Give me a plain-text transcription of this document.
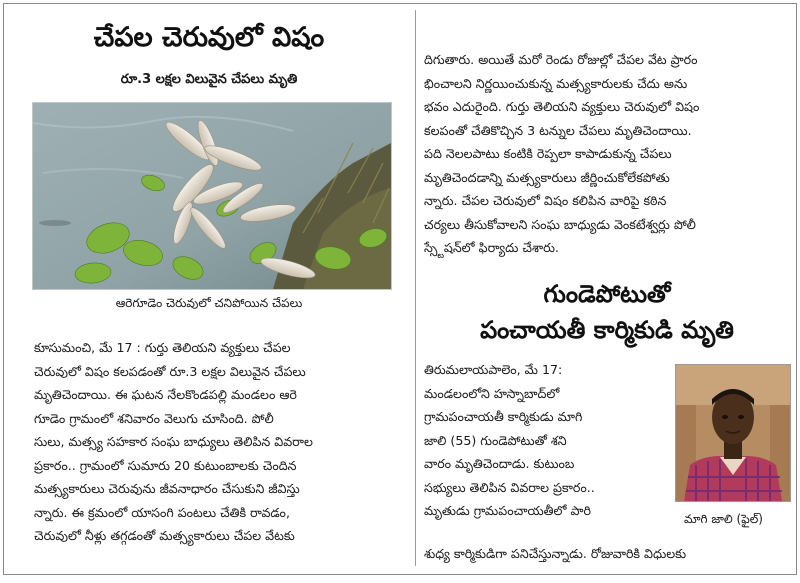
చేపల చెరువులో విషం
రూ.3 లక్షల విలువైన చేపలు మృతి
ఆరెగూడెం చెరువులో చనిపోయిన చేపలు
కూసుమంచి, మే 17 : గుర్తు తెలియని వ్యక్తులు చేపల
చెరువులో విషం కలపడంతో రూ.3 లక్షల విలువైన చేపలు
మృతిచెందాయి. ఈ ఘటన నేలకొండపల్లి మండలం ఆరె
గూడెం గ్రామంలో శనివారం వెలుగు చూసింది. పోలీ
సులు, మత్స్య సహకార సంఘ బాధ్యులు తెలిపిన వివరాల
ప్రకారం.. గ్రామంలో సుమారు 20 కుటుంబాలకు చెందిన
మత్స్యకారులు చెరువును జీవనాధారం చేసుకుని జీవిస్తు
న్నారు. ఈ క్రమంలో యాసంగి పంటలు చేతికి రావడం,
చెరువులో నీళ్లు తగ్గడంతో మత్స్యకారులు చేపల వేటకు
దిగుతారు. అయితే మరో రెండు రోజుల్లో చేపల వేట ప్రారం
భించాలని నిర్ణయించుకున్న మత్స్యకారులకు చేదు అను
భవం ఎదురైంది. గుర్తు తెలియని వ్యక్తులు చెరువులో విషం
కలపంతో చేతికొచ్చిన 3 టన్నుల చేపలు మృతిచెందాయి.
పది నెలలపాటు కంటికి రెప్పలా కాపాడుకున్న చేపలు
మృతిచెందడాన్ని మత్స్యకారులు జీర్ణించుకోలేకపోతు
న్నారు. చేపల చెరువులో విషం కలిపిన వారిపై కఠిన
చర్యలు తీసుకోవాలని సంఘ బాధ్యుడు వెంకటేశ్వర్లు పోలీ
స్స్టేషన్‌లో ఫిర్యాదు చేశారు.
గుండెపోటుతో
పంచాయతీ కార్మికుడి మృతి
తిరుమలాయపాలెం, మే 17:
మండలంలోని హస్నాబాద్‌లో
గ్రామపంచాయతీ కార్మికుడు మాగి
జాలి (55) గుండెపోటుతో శని
వారం మృతిచెందాడు. కుటుంబ
సభ్యులు తెలిపిన వివరాల ప్రకారం..
మృతుడు గ్రామపంచాయతీలో పారి
శుధ్య కార్మికుడిగా పనిచేస్తున్నాడు. రోజువారికి విధులకు
మాగి జాలి (ఫైల్)
